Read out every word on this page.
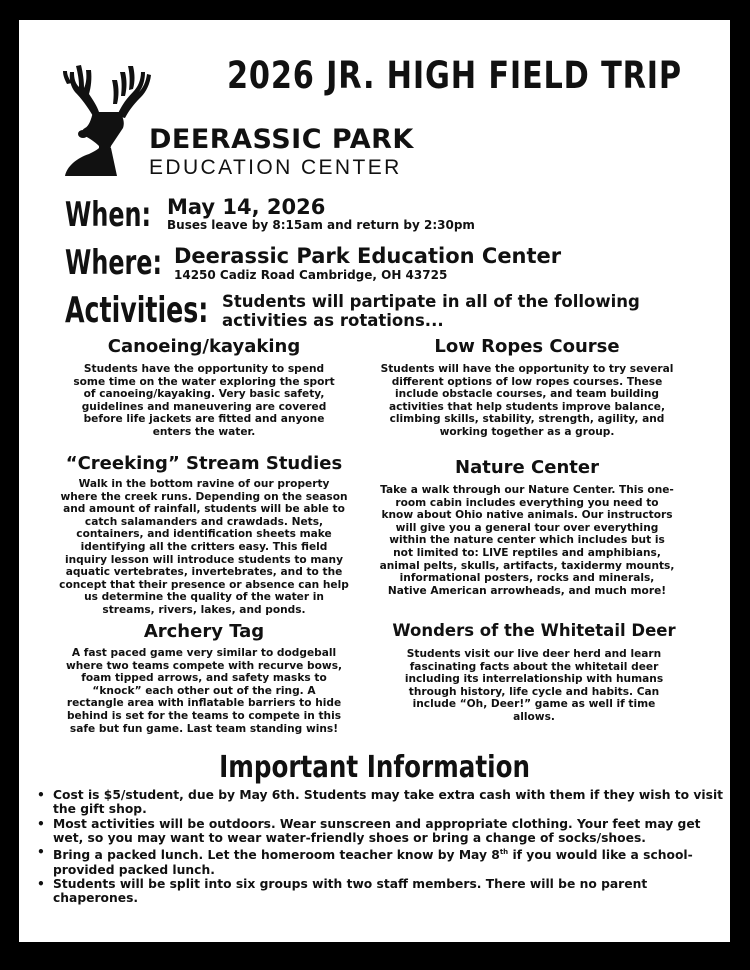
2026 JR. HIGH FIELD TRIP
DEERASSIC PARK
EDUCATION CENTER
When: May 14, 2026
Buses leave by 8:15am and return by 2:30pm
Where: Deerassic Park Education Center
14250 Cadiz Road Cambridge, OH 43725
Activities: Students will partipate in all of the following
activities as rotations...
Canoeing/kayaking
Students have the opportunity to spend some time on the water exploring the sport of canoeing/kayaking. Very basic safety, guidelines and maneuvering are covered before life jackets are fitted and anyone enters the water.
“Creeking” Stream Studies
Walk in the bottom ravine of our property where the creek runs. Depending on the season and amount of rainfall, students will be able to catch salamanders and crawdads. Nets, containers, and identification sheets make identifying all the critters easy. This field inquiry lesson will introduce students to many aquatic vertebrates, invertebrates, and to the concept that their presence or absence can help us determine the quality of the water in streams, rivers, lakes, and ponds.
Archery Tag
A fast paced game very similar to dodgeball where two teams compete with recurve bows, foam tipped arrows, and safety masks to “knock” each other out of the ring. A rectangle area with inflatable barriers to hide behind is set for the teams to compete in this safe but fun game. Last team standing wins!
Low Ropes Course
Students will have the opportunity to try several different options of low ropes courses. These include obstacle courses, and team building activities that help students improve balance, climbing skills, stability, strength, agility, and working together as a group.
Nature Center
Take a walk through our Nature Center. This one-room cabin includes everything you need to know about Ohio native animals. Our instructors will give you a general tour over everything within the nature center which includes but is not limited to: LIVE reptiles and amphibians, animal pelts, skulls, artifacts, taxidermy mounts, informational posters, rocks and minerals, Native American arrowheads, and much more!
Wonders of the Whitetail Deer
Students visit our live deer herd and learn fascinating facts about the whitetail deer including its interrelationship with humans through history, life cycle and habits. Can include “Oh, Deer!” game as well if time allows.
Important Information
• Cost is $5/student, due by May 6th. Students may take extra cash with them if they wish to visit the gift shop.
• Most activities will be outdoors. Wear sunscreen and appropriate clothing. Your feet may get wet, so you may want to wear water-friendly shoes or bring a change of socks/shoes.
• Bring a packed lunch. Let the homeroom teacher know by May 8th if you would like a school-provided packed lunch.
• Students will be split into six groups with two staff members. There will be no parent chaperones.
